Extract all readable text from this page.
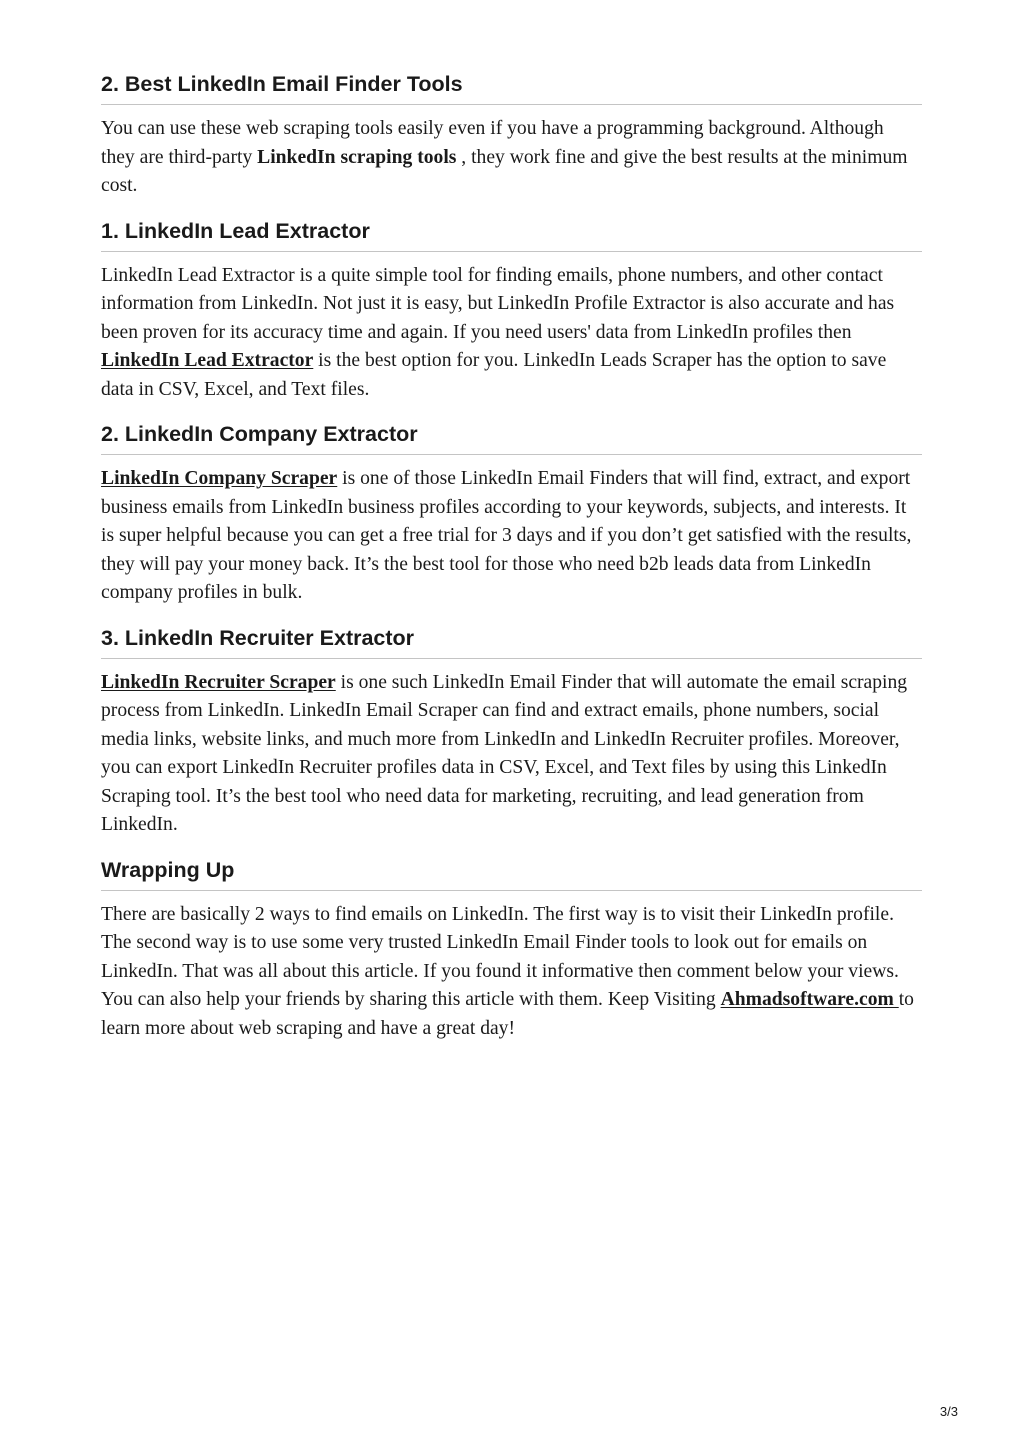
2. Best LinkedIn Email Finder Tools

You can use these web scraping tools easily even if you have a programming background. Although they are third-party LinkedIn scraping tools , they work fine and give the best results at the minimum cost.

1. LinkedIn Lead Extractor

LinkedIn Lead Extractor is a quite simple tool for finding emails, phone numbers, and other contact information from LinkedIn. Not just it is easy, but LinkedIn Profile Extractor is also accurate and has been proven for its accuracy time and again. If you need users' data from LinkedIn profiles then LinkedIn Lead Extractor is the best option for you. LinkedIn Leads Scraper has the option to save data in CSV, Excel, and Text files.

2. LinkedIn Company Extractor

LinkedIn Company Scraper is one of those LinkedIn Email Finders that will find, extract, and export business emails from LinkedIn business profiles according to your keywords, subjects, and interests. It is super helpful because you can get a free trial for 3 days and if you don’t get satisfied with the results, they will pay your money back. It’s the best tool for those who need b2b leads data from LinkedIn company profiles in bulk.

3. LinkedIn Recruiter Extractor

LinkedIn Recruiter Scraper is one such LinkedIn Email Finder that will automate the email scraping process from LinkedIn. LinkedIn Email Scraper can find and extract emails, phone numbers, social media links, website links, and much more from LinkedIn and LinkedIn Recruiter profiles. Moreover, you can export LinkedIn Recruiter profiles data in CSV, Excel, and Text files by using this LinkedIn Scraping tool. It’s the best tool who need data for marketing, recruiting, and lead generation from LinkedIn.

Wrapping Up

There are basically 2 ways to find emails on LinkedIn. The first way is to visit their LinkedIn profile. The second way is to use some very trusted LinkedIn Email Finder tools to look out for emails on LinkedIn. That was all about this article. If you found it informative then comment below your views. You can also help your friends by sharing this article with them. Keep Visiting Ahmadsoftware.com to learn more about web scraping and have a great day!

3/3
